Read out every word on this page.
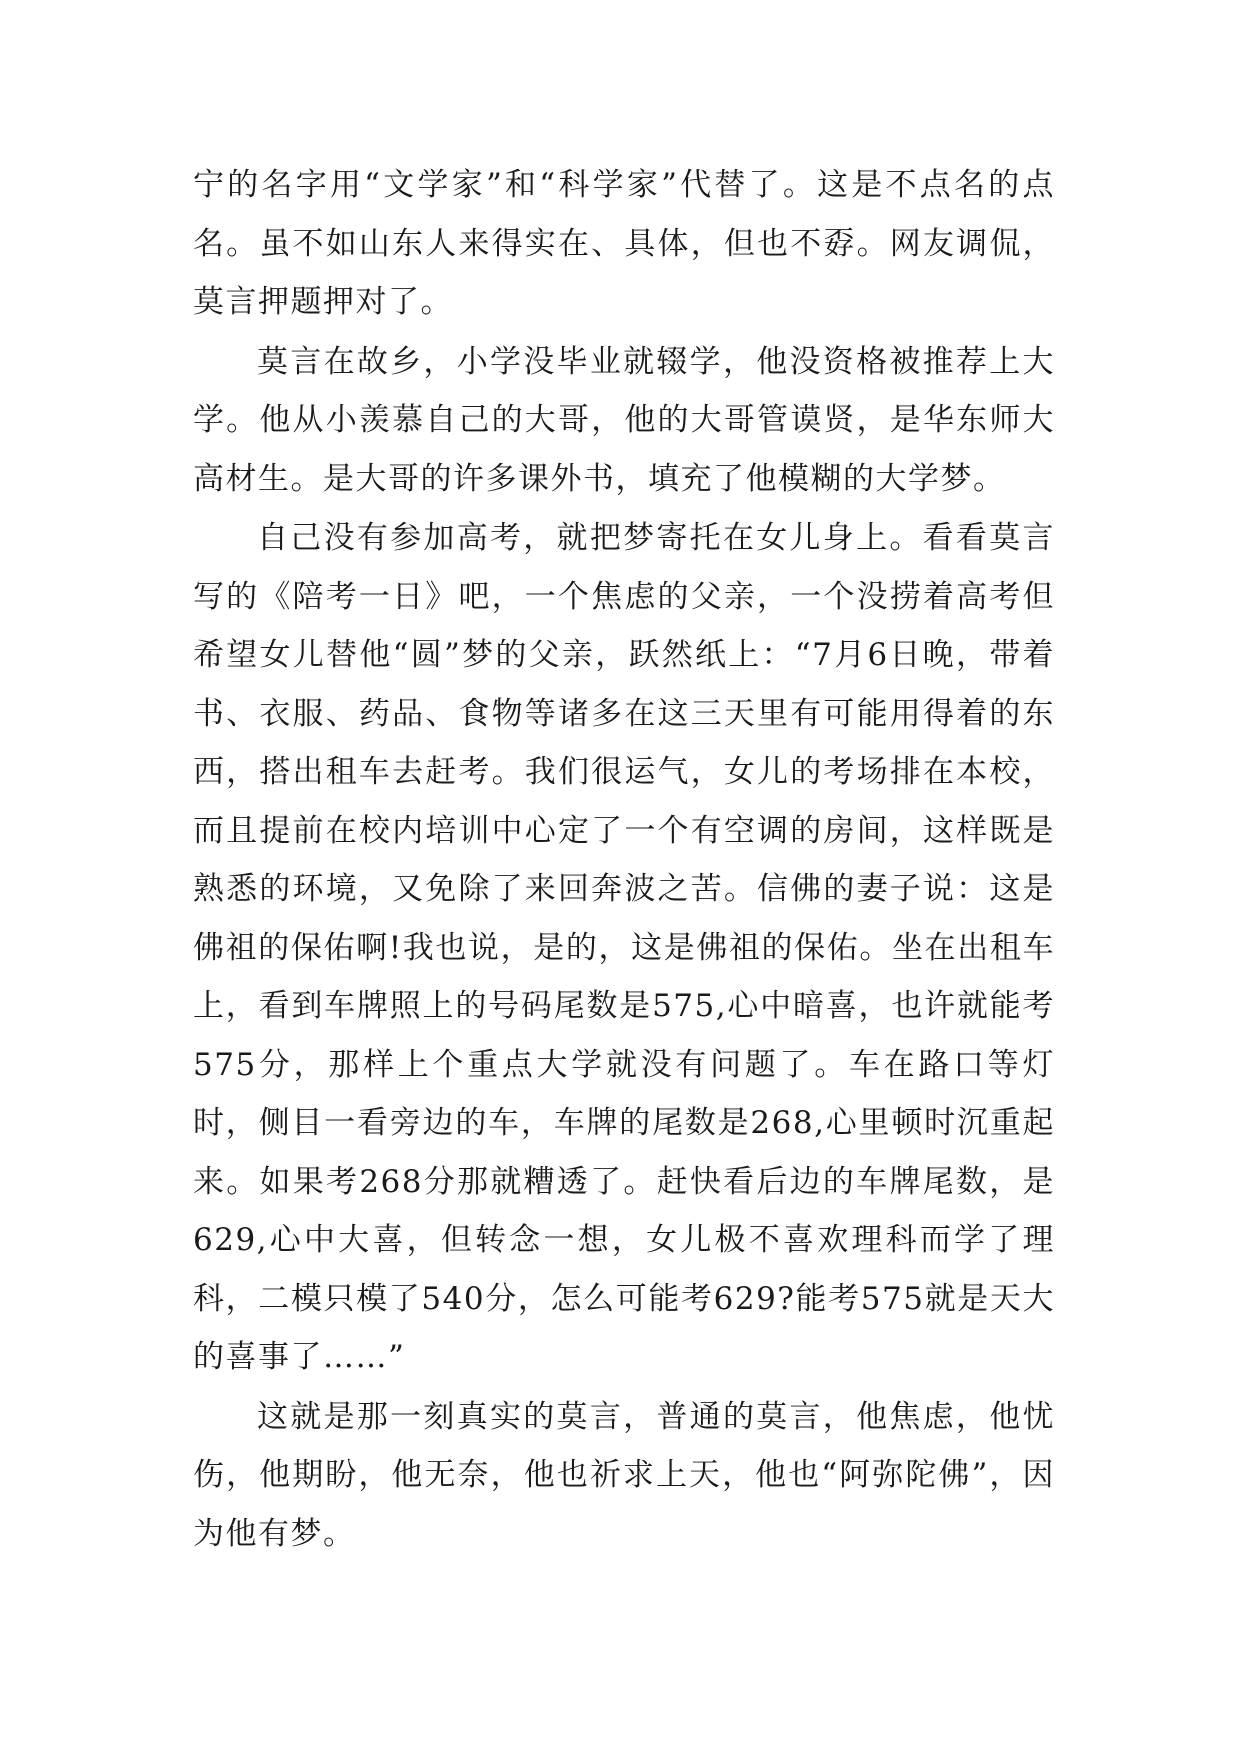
宁的名字用“文学家”和“科学家”代替了。这是不点名的点名。虽不如山东人来得实在、具体，但也不孬。网友调侃，莫言押题押对了。

莫言在故乡，小学没毕业就辍学，他没资格被推荐上大学。他从小羡慕自己的大哥，他的大哥管谟贤，是华东师大高材生。是大哥的许多课外书，填充了他模糊的大学梦。

自己没有参加高考，就把梦寄托在女儿身上。看看莫言写的《陪考一日》吧，一个焦虑的父亲，一个没捞着高考但希望女儿替他“圆”梦的父亲，跃然纸上：“7月6日晚，带着书、衣服、药品、食物等诸多在这三天里有可能用得着的东西，搭出租车去赶考。我们很运气，女儿的考场排在本校，而且提前在校内培训中心定了一个有空调的房间，这样既是熟悉的环境，又免除了来回奔波之苦。信佛的妻子说：这是佛祖的保佑啊!我也说，是的，这是佛祖的保佑。坐在出租车上，看到车牌照上的号码尾数是575,心中暗喜，也许就能考575分，那样上个重点大学就没有问题了。车在路口等灯时，侧目一看旁边的车，车牌的尾数是268,心里顿时沉重起来。如果考268分那就糟透了。赶快看后边的车牌尾数，是629,心中大喜，但转念一想，女儿极不喜欢理科而学了理科，二模只模了540分，怎么可能考629?能考575就是天大的喜事了……”

这就是那一刻真实的莫言，普通的莫言，他焦虑，他忧伤，他期盼，他无奈，他也祈求上天，他也“阿弥陀佛”，因为他有梦。
